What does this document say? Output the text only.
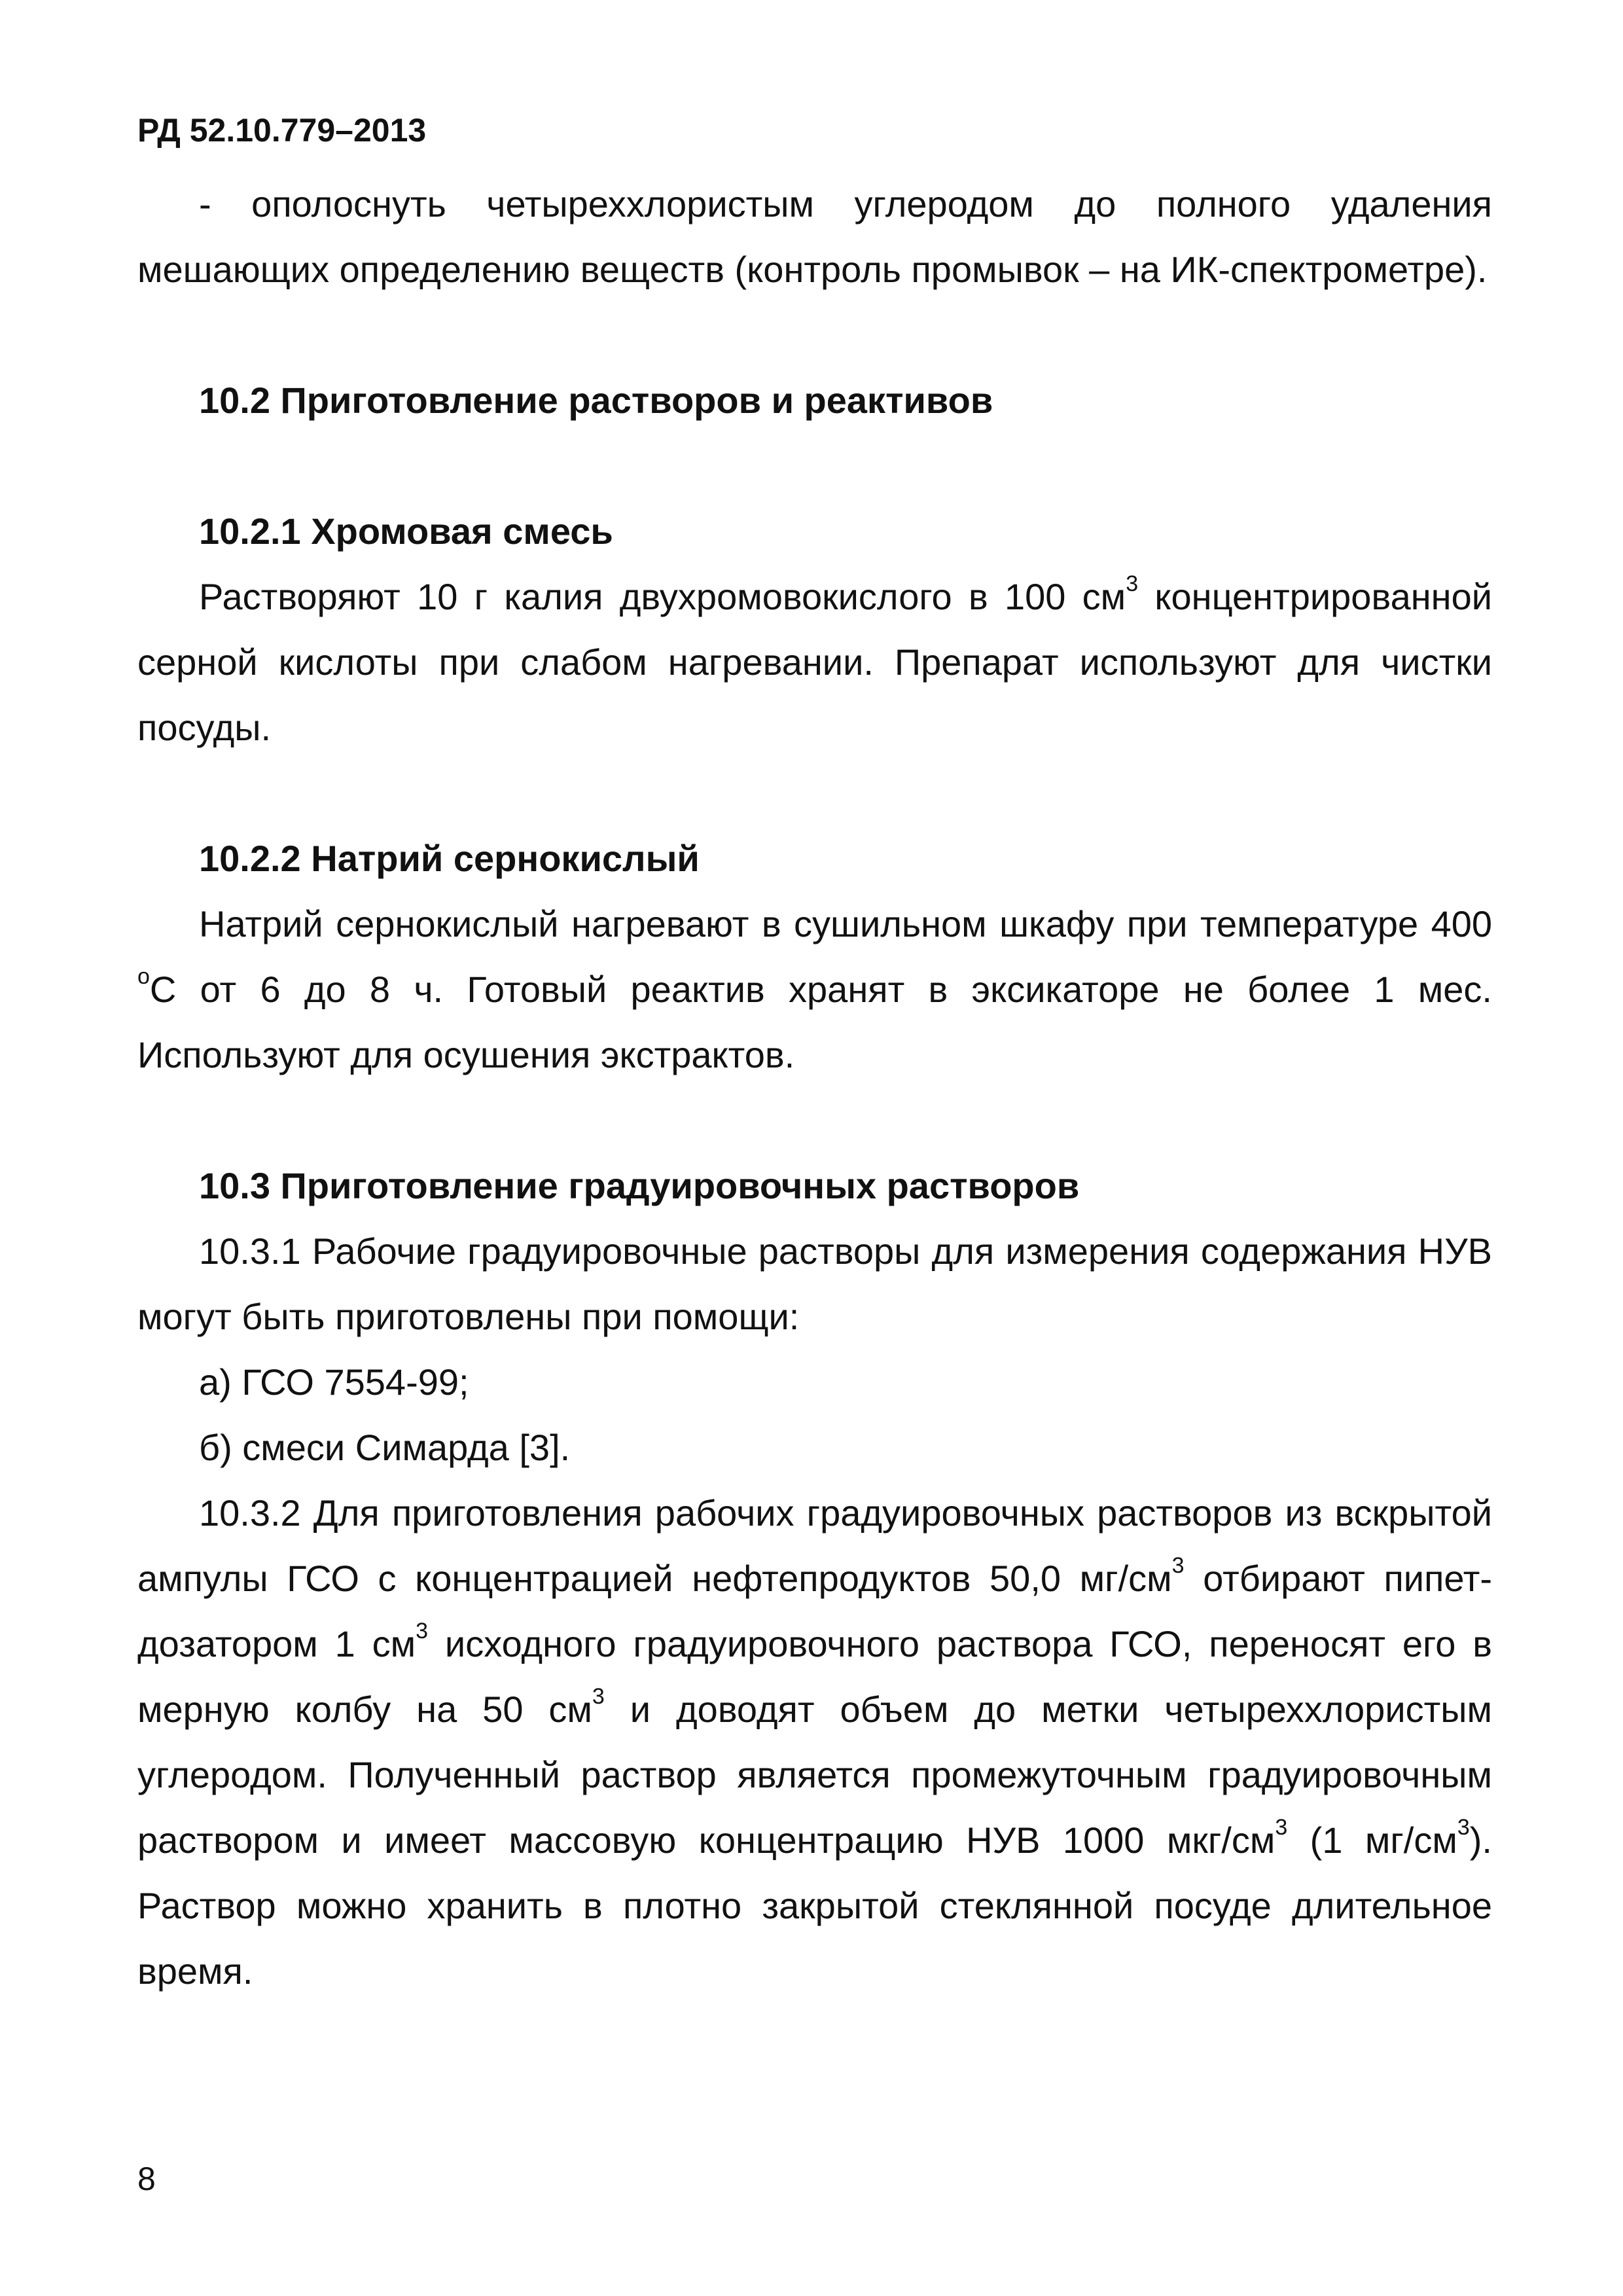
РД 52.10.779–2013

- ополоснуть четыреххлористым углеродом до полного удаления мешающих определению веществ (контроль промывок – на ИК-спектрометре).

10.2 Приготовление растворов и реактивов
10.2.1 Хромовая смесь

Растворяют 10 г калия двухромовокислого в 100 $см^3$ концентрированной серной кислоты при слабом нагревании. Препарат используют для чистки посуды.

10.2.2 Натрий сернокислый

Натрий сернокислый нагревают в сушильном шкафу при температуре 400 $^о$С от 6 до 8 ч. Готовый реактив хранят в эксикаторе не более 1 мес. Используют для осушения экстрактов.

10.3 Приготовление градуировочных растворов

10.3.1 Рабочие градуировочные растворы для измерения содержания НУВ могут быть приготовлены при помощи:

а) ГСО 7554-99;

б) смеси Симарда [3].

10.3.2 Для приготовления рабочих градуировочных растворов из вскрытой ампулы ГСО с концентрацией нефтепродуктов 50,0 $мг/см^3$ отбирают пипет-дозатором 1 $см^3$ исходного градуировочного раствора ГСО, переносят его в мерную колбу на 50 $см^3$ и доводят объем до метки четыреххлористым углеродом. Полученный раствор является промежуточным градуировочным раствором и имеет массовую концентрацию НУВ 1000 мкг/$см^3$ (1 $мг/см^3$). Раствор можно хранить в плотно закрытой стеклянной посуде длительное время.

8
